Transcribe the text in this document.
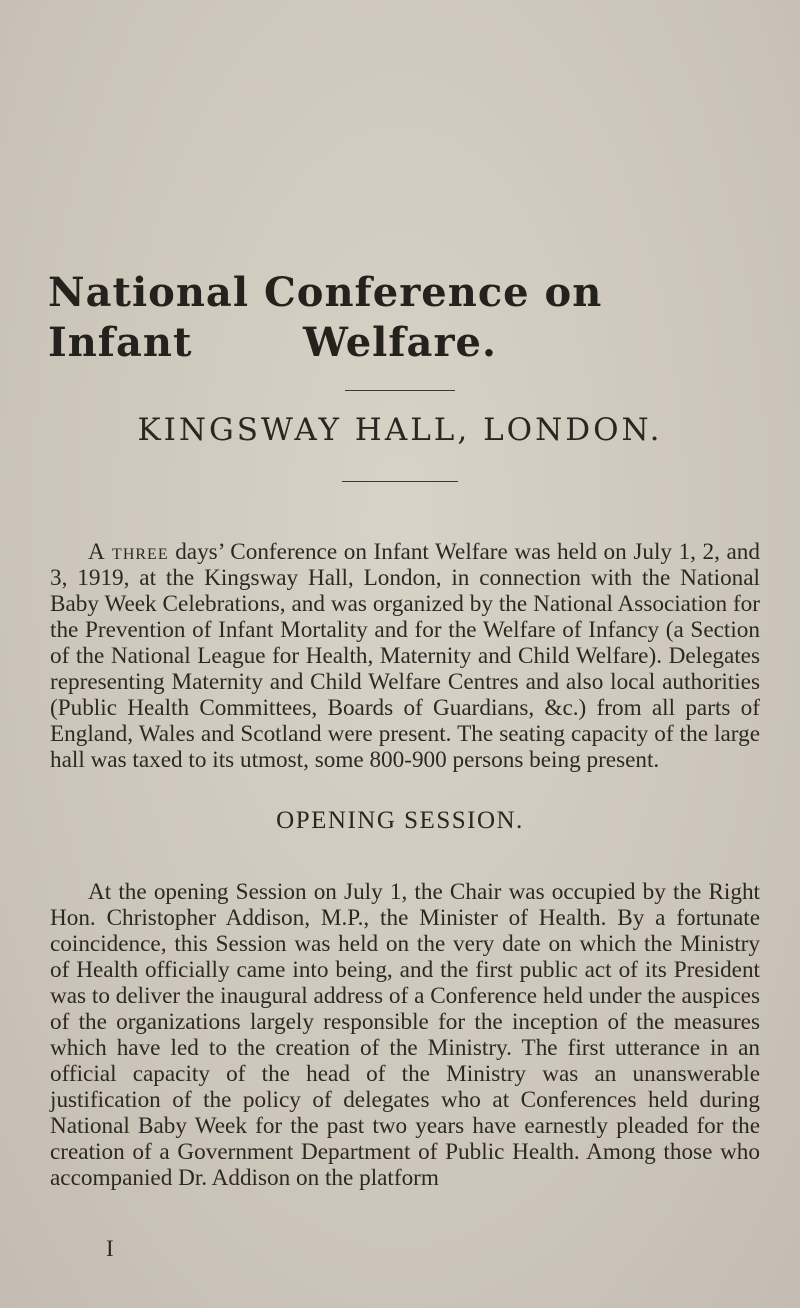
National Conference on Infant	Welfare.
KINGSWAY HALL, LONDON.

A three days’ Conference on Infant Welfare was held on July 1, 2, and 3, 1919, at the Kingsway Hall, London, in connection with the National Baby Week Celebrations, and was organized by the National Association for the Prevention of Infant Mortality and for the Welfare of Infancy (a Section of the National League for Health, Maternity and Child Welfare). Delegates representing Maternity and Child Welfare Centres and also local authorities (Public Health Committees, Boards of Guardians, &c.) from all parts of England, Wales and Scotland were present. The seating capacity of the large hall was taxed to its utmost, some 800-900 persons being present.

OPENING SESSION.

At the opening Session on July 1, the Chair was occupied by the Right Hon. Christopher Addison, M.P., the Minister of Health. By a fortunate coincidence, this Session was held on the very date on which the Ministry of Health officially came into being, and the first public act of its President was to deliver the inaugural address of a Conference held under the auspices of the organizations largely responsible for the inception of the measures which have led to the creation of the Ministry. The first utterance in an official capacity of the head of the Ministry was an unanswerable justification of the policy of delegates who at Conferences held during National Baby Week for the past two years have earnestly pleaded for the creation of a Government Department of Public Health. Among those who accompanied Dr. Addison on the platform

I
